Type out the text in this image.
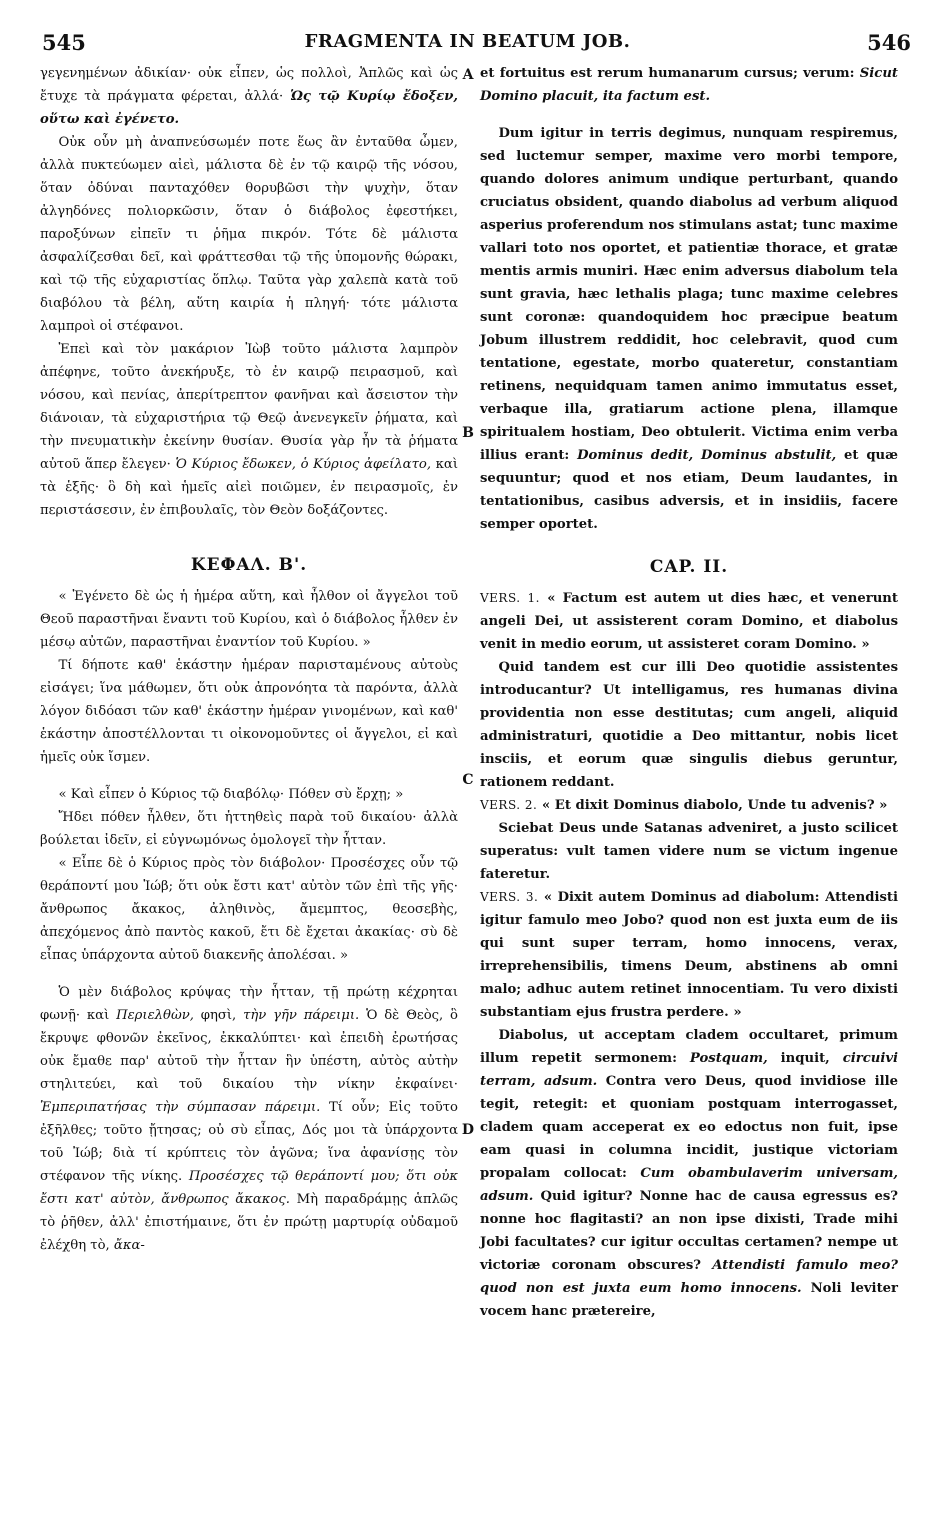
545	FRAGMENTA IN BEATUM JOB.	546
A
B
C
D

γεγενημένων ἀδικίαν· οὐκ εἶπεν, ὡς πολλοὶ, Ἁπλῶς καὶ ὡς ἔτυχε τὰ πράγματα φέρεται, ἀλλά· Ὡς τῷ Κυρίῳ ἔδοξεν, οὕτω καὶ ἐγένετο.

Οὐκ οὖν μὴ ἀναπνεύσωμέν ποτε ἕως ἂν ἐνταῦθα ὦμεν, ἀλλὰ πυκτεύωμεν αἰεὶ, μάλιστα δὲ ἐν τῷ καιρῷ τῆς νόσου, ὅταν ὀδύναι πανταχόθεν θορυβῶσι τὴν ψυχὴν, ὅταν ἀλγηδόνες πολιορκῶσιν, ὅταν ὁ διάβολος ἐφεστήκει, παροξύνων εἰπεῖν τι ῥῆμα πικρόν. Τότε δὲ μάλιστα ἀσφαλίζεσθαι δεῖ, καὶ φράττεσθαι τῷ τῆς ὑπομονῆς θώρακι, καὶ τῷ τῆς εὐχαριστίας ὅπλῳ. Ταῦτα γὰρ χαλεπὰ κατὰ τοῦ διαβόλου τὰ βέλη, αὕτη καιρία ἡ πληγή· τότε μάλιστα λαμπροὶ οἱ στέφανοι.

Ἐπεὶ καὶ τὸν μακάριον Ἰὼβ τοῦτο μάλιστα λαμπρὸν ἀπέφηνε, τοῦτο ἀνεκήρυξε, τὸ ἐν καιρῷ πειρασμοῦ, καὶ νόσου, καὶ πενίας, ἀπερίτρεπτον φανῆναι καὶ ἄσειστον τὴν διάνοιαν, τὰ εὐχαριστήρια τῷ Θεῷ ἀνενεγκεῖν ῥήματα, καὶ τὴν πνευματικὴν ἐκείνην θυσίαν. Θυσία γὰρ ἦν τὰ ῥήματα αὐτοῦ ἅπερ ἔλεγεν· Ὁ Κύριος ἔδωκεν, ὁ Κύριος ἀφείλατο, καὶ τὰ ἑξῆς· ὃ δὴ καὶ ἡμεῖς αἰεὶ ποιῶμεν, ἐν πειρασμοῖς, ἐν περιστάσεσιν, ἐν ἐπιβουλαῖς, τὸν Θεὸν δοξάζοντες.

ΚΕΦΑΛ. Β'.

« Ἐγένετο δὲ ὡς ἡ ἡμέρα αὕτη, καὶ ἦλθον οἱ ἄγγελοι τοῦ Θεοῦ παραστῆναι ἔναντι τοῦ Κυρίου, καὶ ὁ διάβολος ἦλθεν ἐν μέσῳ αὐτῶν, παραστῆναι ἐναντίον τοῦ Κυρίου. »

Τί δήποτε καθ' ἑκάστην ἡμέραν παρισταμένους αὐτοὺς εἰσάγει; ἵνα μάθωμεν, ὅτι οὐκ ἀπρονόητα τὰ παρόντα, ἀλλὰ λόγον διδόασι τῶν καθ' ἑκάστην ἡμέραν γινομένων, καὶ καθ' ἑκάστην ἀποστέλλονται τι οἰκονομοῦντες οἱ ἄγγελοι, εἰ καὶ ἡμεῖς οὐκ ἴσμεν.

« Καὶ εἶπεν ὁ Κύριος τῷ διαβόλῳ· Πόθεν σὺ ἔρχῃ; »

Ἤδει πόθεν ἦλθεν, ὅτι ἡττηθεὶς παρὰ τοῦ δικαίου· ἀλλὰ βούλεται ἰδεῖν, εἰ εὐγνωμόνως ὁμολογεῖ τὴν ἧτταν.

« Εἶπε δὲ ὁ Κύριος πρὸς τὸν διάβολον· Προσέσχες οὖν τῷ θεράποντί μου Ἰώβ; ὅτι οὐκ ἔστι κατ' αὐτὸν τῶν ἐπὶ τῆς γῆς· ἄνθρωπος ἄκακος, ἀληθινὸς, ἄμεμπτος, θεοσεβὴς, ἀπεχόμενος ἀπὸ παντὸς κακοῦ, ἔτι δὲ ἔχεται ἀκακίας· σὺ δὲ εἶπας ὑπάρχοντα αὐτοῦ διακενῆς ἀπολέσαι. »

Ὁ μὲν διάβολος κρύψας τὴν ἧτταν, τῇ πρώτῃ κέχρηται φωνῇ· καὶ Περιελθὼν, φησὶ, τὴν γῆν πάρειμι. Ὁ δὲ Θεὸς, ὃ ἔκρυψε φθονῶν ἐκεῖνος, ἐκκαλύπτει· καὶ ἐπειδὴ ἐρωτήσας οὐκ ἔμαθε παρ' αὐτοῦ τὴν ἧτταν ἣν ὑπέστη, αὐτὸς αὐτὴν στηλιτεύει, καὶ τοῦ δικαίου τὴν νίκην ἐκφαίνει· Ἐμπεριπατήσας τὴν σύμπασαν πάρειμι. Τί οὖν; Εἰς τοῦτο ἐξῆλθες; τοῦτο ᾔτησας; οὐ σὺ εἶπας, Δός μοι τὰ ὑπάρχοντα τοῦ Ἰώβ; διὰ τί κρύπτεις τὸν ἀγῶνα; ἵνα ἀφανίσῃς τὸν στέφανον τῆς νίκης. Προσέσχες τῷ θεράποντί μου; ὅτι οὐκ ἔστι κατ' αὐτὸν, ἄνθρωπος ἄκακος. Μὴ παραδράμῃς ἁπλῶς τὸ ῥῆθεν, ἀλλ' ἐπιστήμαινε, ὅτι ἐν πρώτῃ μαρτυρίᾳ οὐδαμοῦ ἐλέχθη τὸ, ἄκα-

et fortuitus est rerum humanarum cursus; verum: Sicut Domino placuit, ita factum est.

Dum igitur in terris degimus, nunquam respiremus, sed luctemur semper, maxime vero morbi tempore, quando dolores animum undique perturbant, quando cruciatus obsident, quando diabolus ad verbum aliquod asperius proferendum nos stimulans astat; tunc maxime vallari toto nos oportet, et patientiæ thorace, et gratæ mentis armis muniri. Hæc enim adversus diabolum tela sunt gravia, hæc lethalis plaga; tunc maxime celebres sunt coronæ: quandoquidem hoc præcipue beatum Jobum illustrem reddidit, hoc celebravit, quod cum tentatione, egestate, morbo quateretur, constantiam retinens, nequidquam tamen animo immutatus esset, verbaque illa, gratiarum actione plena, illamque spiritualem hostiam, Deo obtulerit. Victima enim verba illius erant: Dominus dedit, Dominus abstulit, et quæ sequuntur; quod et nos etiam, Deum laudantes, in tentationibus, casibus adversis, et in insidiis, facere semper oportet.

CAP. II.

VERS. 1. « Factum est autem ut dies hæc, et venerunt angeli Dei, ut assisterent coram Domino, et diabolus venit in medio eorum, ut assisteret coram Domino. »

Quid tandem est cur illi Deo quotidie assistentes introducantur? Ut intelligamus, res humanas divina providentia non esse destitutas; cum angeli, aliquid administraturi, quotidie a Deo mittantur, nobis licet insciis, et eorum quæ singulis diebus geruntur, rationem reddant.

VERS. 2. « Et dixit Dominus diabolo, Unde tu advenis? »

Sciebat Deus unde Satanas adveniret, a justo scilicet superatus: vult tamen videre num se victum ingenue fateretur.

VERS. 3. « Dixit autem Dominus ad diabolum: Attendisti igitur famulo meo Jobo? quod non est juxta eum de iis qui sunt super terram, homo innocens, verax, irreprehensibilis, timens Deum, abstinens ab omni malo; adhuc autem retinet innocentiam. Tu vero dixisti substantiam ejus frustra perdere. »

Diabolus, ut acceptam cladem occultaret, primum illum repetit sermonem: Postquam, inquit, circuivi terram, adsum. Contra vero Deus, quod invidiose ille tegit, retegit: et quoniam postquam interrogasset, cladem quam acceperat ex eo edoctus non fuit, ipse eam quasi in columna incidit, justique victoriam propalam collocat: Cum obambulaverim universam, adsum. Quid igitur? Nonne hac de causa egressus es? nonne hoc flagitasti? an non ipse dixisti, Trade mihi Jobi facultates? cur igitur occultas certamen? nempe ut victoriæ coronam obscures? Attendisti famulo meo? quod non est juxta eum homo innocens. Noli leviter vocem hanc prætereire,
